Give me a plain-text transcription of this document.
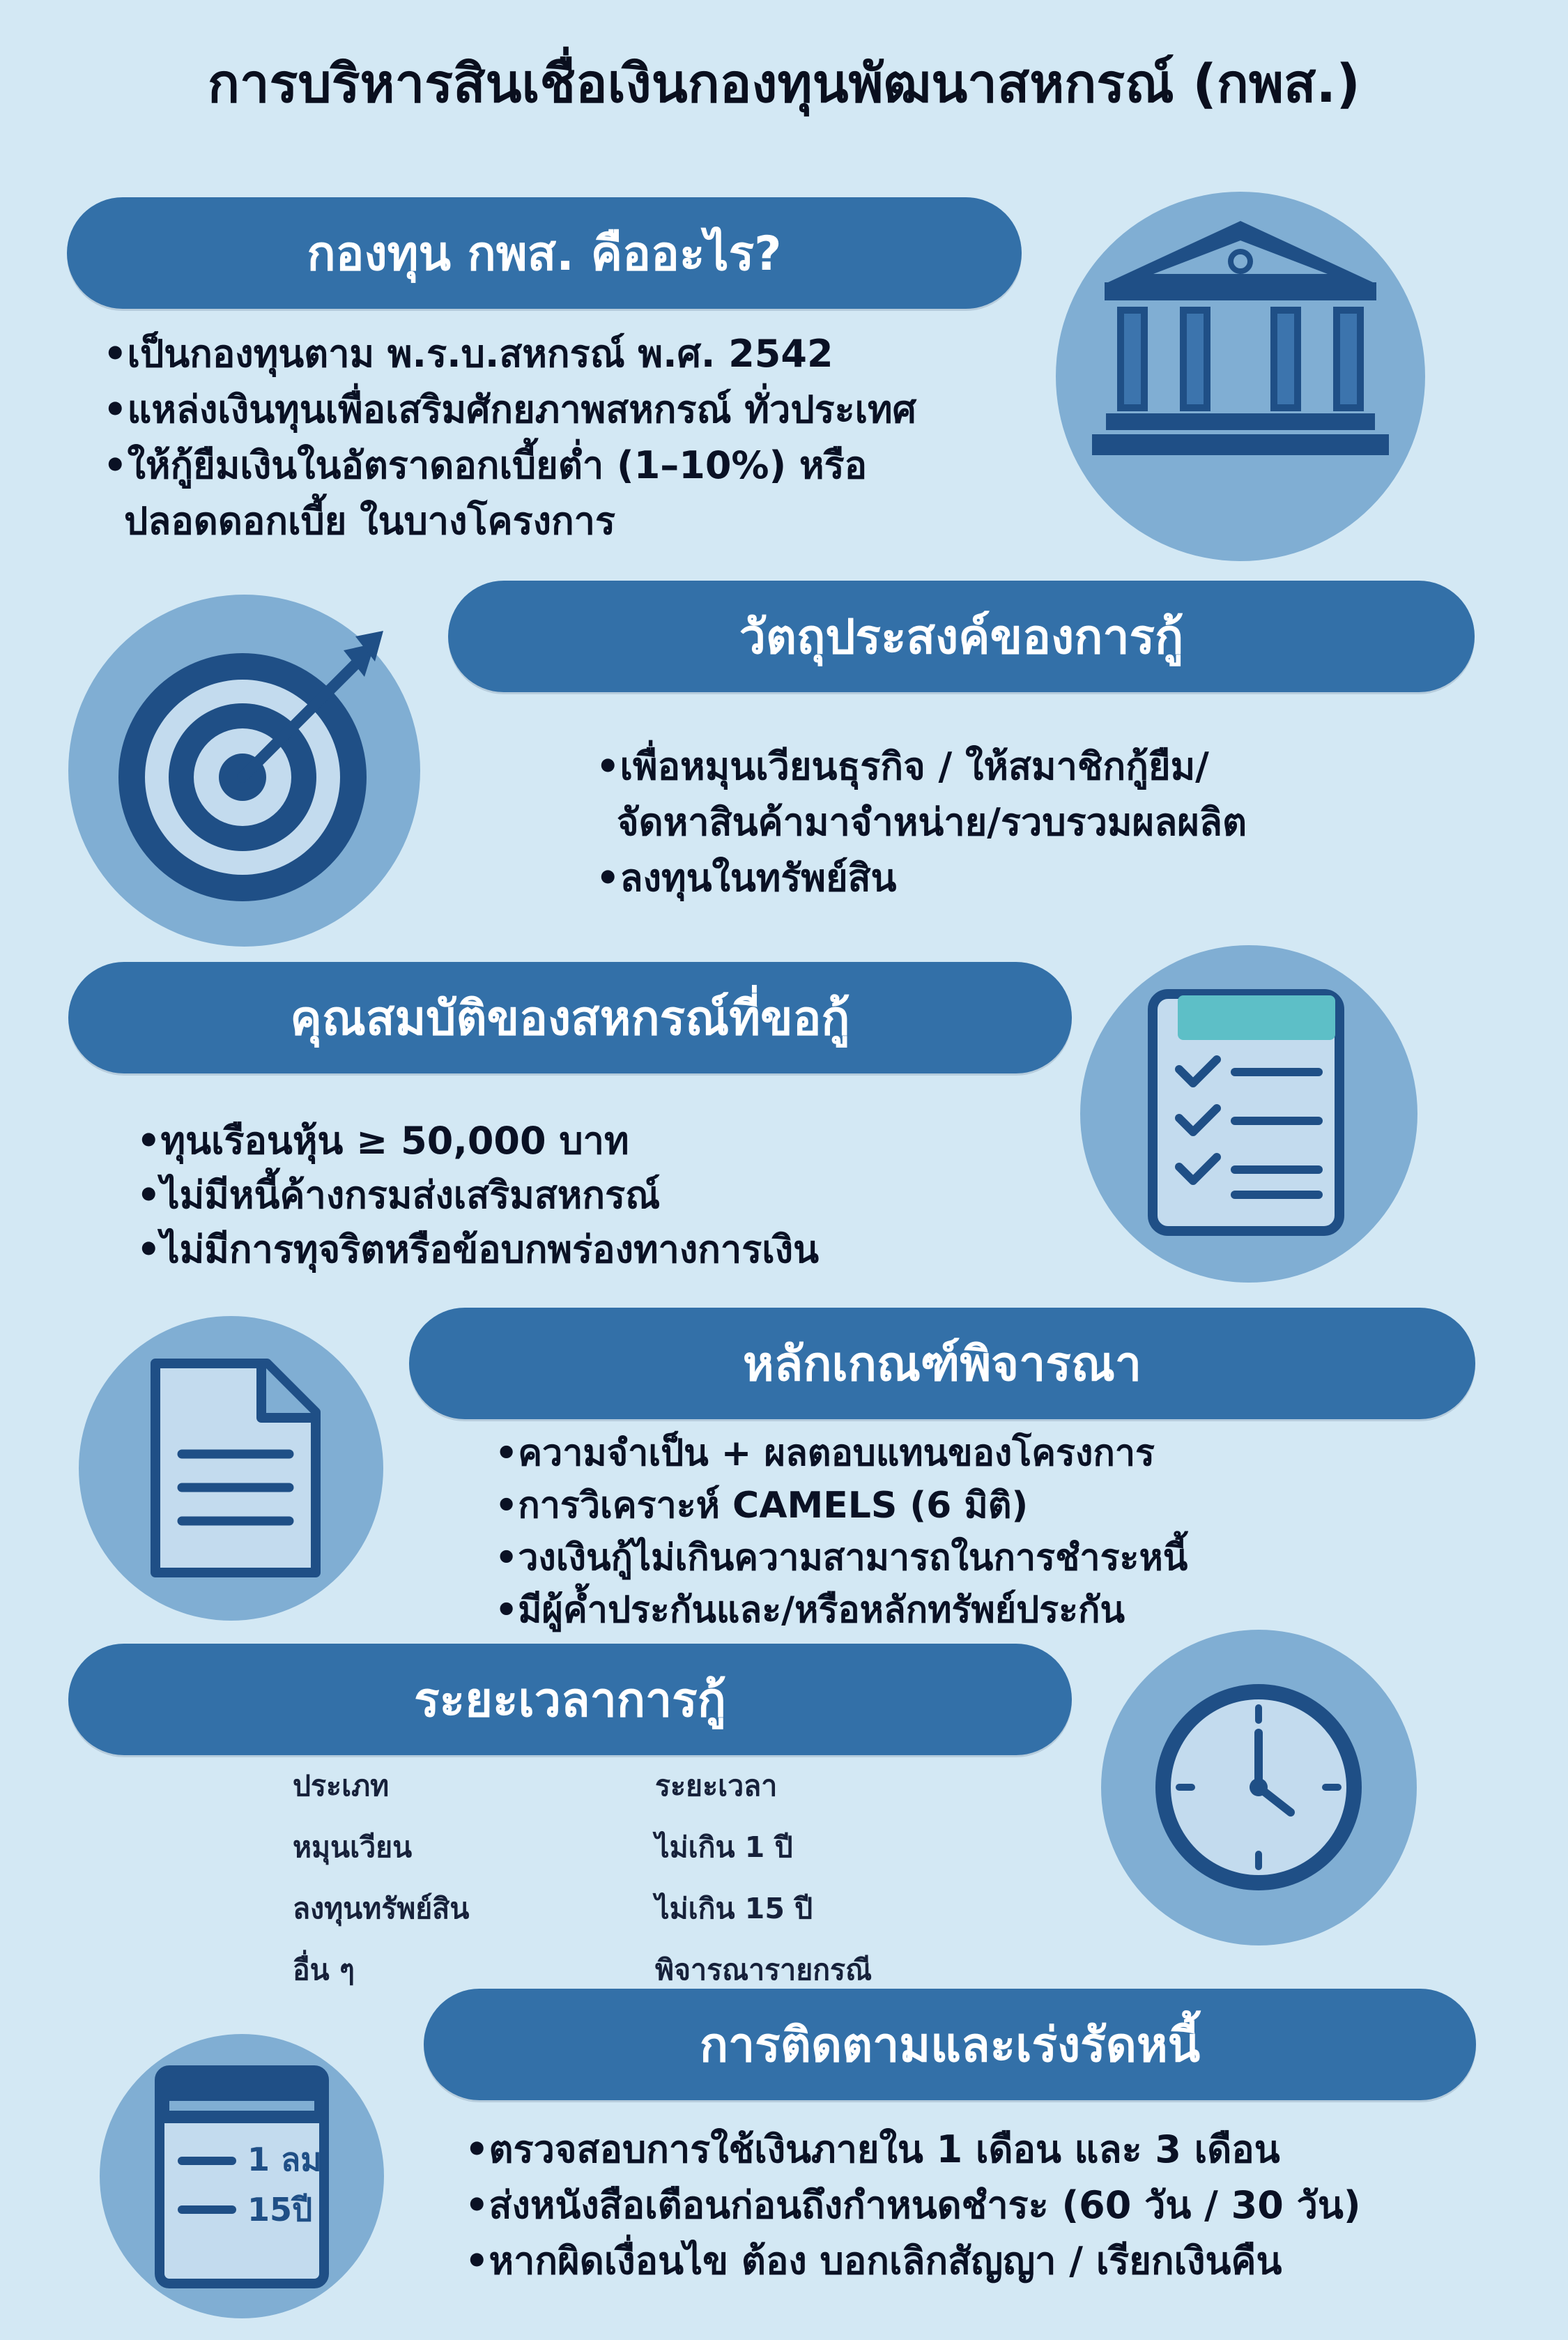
การบริหารสินเชื่อเงินกองทุนพัฒนาสหกรณ์ (กพส.)
กองทุน กพส. คืออะไร?
•เป็นกองทุนตาม พ.ร.บ.สหกรณ์ พ.ศ. 2542
•แหล่งเงินทุนเพื่อเสริมศักยภาพสหกรณ์ ทั่วประเทศ
•ให้กู้ยืมเงินในอัตราดอกเบี้ยต่ำ (1–10%) หรือ
ปลอดดอกเบี้ย ในบางโครงการ
วัตถุประสงค์ของการกู้
•เพื่อหมุนเวียนธุรกิจ / ให้สมาชิกกู้ยืม/
จัดหาสินค้ามาจำหน่าย/รวบรวมผลผลิต
•ลงทุนในทรัพย์สิน
คุณสมบัติของสหกรณ์ที่ขอกู้
•ทุนเรือนหุ้น ≥ 50,000 บาท
•ไม่มีหนี้ค้างกรมส่งเสริมสหกรณ์
•ไม่มีการทุจริตหรือข้อบกพร่องทางการเงิน
หลักเกณฑ์พิจารณา
•ความจำเป็น + ผลตอบแทนของโครงการ
•การวิเคราะห์ CAMELS (6 มิติ)
•วงเงินกู้ไม่เกินความสามารถในการชำระหนี้
•มีผู้ค้ำประกันและ/หรือหลักทรัพย์ประกัน
ระยะเวลาการกู้
ประเภท	ระยะเวลา
หมุนเวียน	ไม่เกิน 1 ปี
ลงทุนทรัพย์สิน	ไม่เกิน 15 ปี
อื่น ๆ	พิจารณารายกรณี
1 ลม
15ปี
การติดตามและเร่งรัดหนี้
•ตรวจสอบการใช้เงินภายใน 1 เดือน และ 3 เดือน
•ส่งหนังสือเตือนก่อนถึงกำหนดชำระ (60 วัน / 30 วัน)
•หากผิดเงื่อนไข ต้อง บอกเลิกสัญญา / เรียกเงินคืน
